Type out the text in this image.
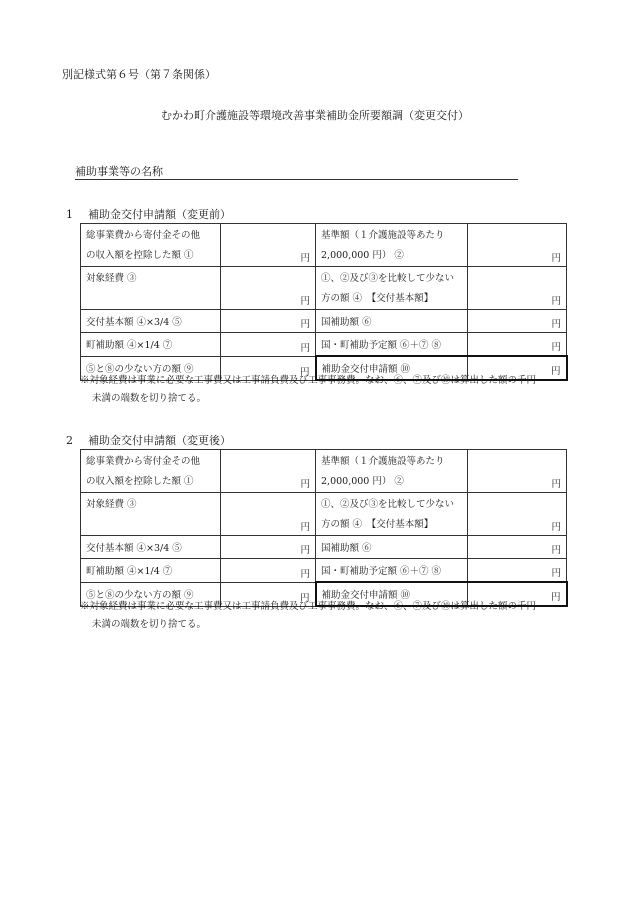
別記様式第６号（第７条関係）
むかわ町介護施設等環境改善事業補助金所要額調（変更交付）
補助事業等の名称
1 補助金交付申請額（変更前）
総事業費から寄付金その他
の収入額を控除した額 ①	円	基準額（１介護施設等あたり
2,000,000 円） ②	円
対象経費 ③	円	①、②及び③を比較して少ない
方の額 ④　【交付基本額】	円
交付基本額 ④×3/4 ⑤	円	国補助額 ⑥	円
町補助額 ④×1/4 ⑦	円	国・町補助予定額 ⑥＋⑦ ⑧	円
⑤と⑧の少ない方の額 ⑨	円	補助金交付申請額 ⑩	円
※対象経費は事業に必要な工事費又は工事請負費及び工事事務費。なお、⑥、⑦及び⑩は算出した額の千円
未満の端数を切り捨てる。
2 補助金交付申請額（変更後）
総事業費から寄付金その他
の収入額を控除した額 ①	円	基準額（１介護施設等あたり
2,000,000 円） ②	円
対象経費 ③	円	①、②及び③を比較して少ない
方の額 ④　【交付基本額】	円
交付基本額 ④×3/4 ⑤	円	国補助額 ⑥	円
町補助額 ④×1/4 ⑦	円	国・町補助予定額 ⑥＋⑦ ⑧	円
⑤と⑧の少ない方の額 ⑨	円	補助金交付申請額 ⑩	円
※対象経費は事業に必要な工事費又は工事請負費及び工事事務費。なお、⑥、⑦及び⑩は算出した額の千円
未満の端数を切り捨てる。
